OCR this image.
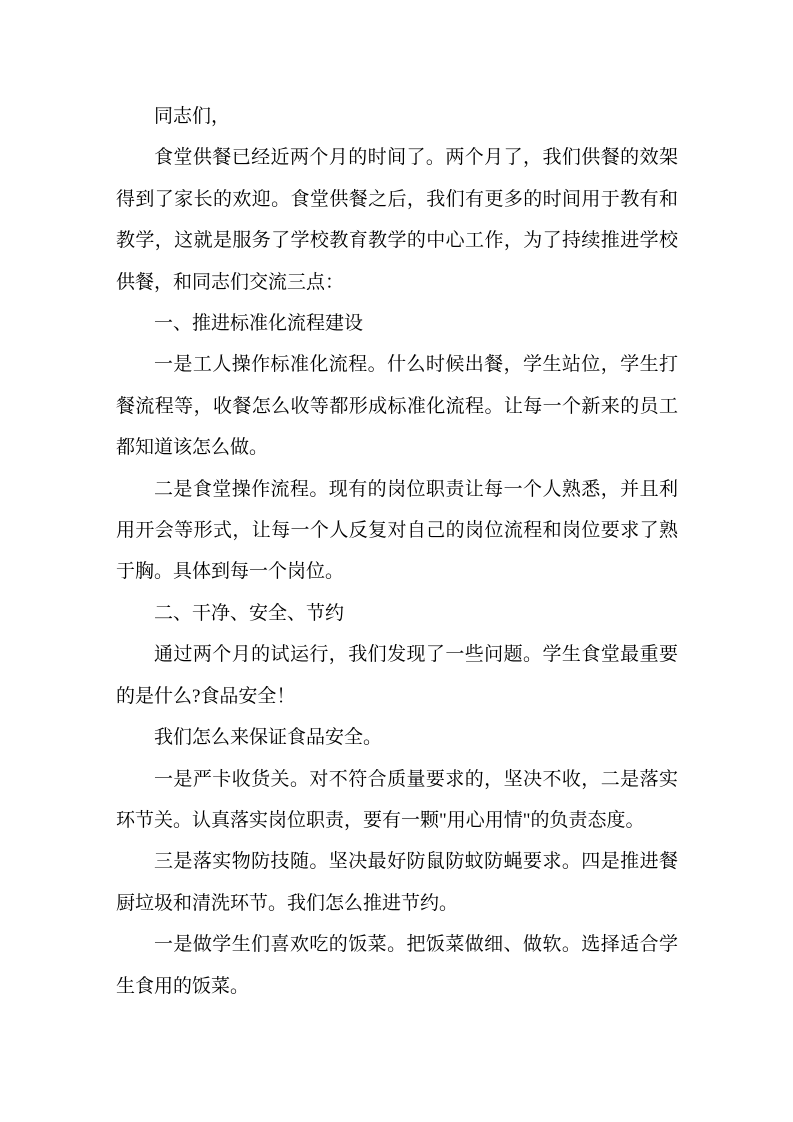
同志们，

食堂供餐已经近两个月的时间了。两个月了，我们供餐的效架得到了家长的欢迎。食堂供餐之后，我们有更多的时间用于教有和教学，这就是服务了学校教育教学的中心工作，为了持续推进学校供餐，和同志们交流三点：

一、推进标准化流程建设

一是工人操作标准化流程。什么时候出餐，学生站位，学生打餐流程等，收餐怎么收等都形成标准化流程。让每一个新来的员工都知道该怎么做。

二是食堂操作流程。现有的岗位职责让每一个人熟悉，并且利用开会等形式，让每一个人反复对自己的岗位流程和岗位要求了熟于胸。具体到每一个岗位。

二、干净、安全、节约

通过两个月的试运行，我们发现了一些问题。学生食堂最重要的是什么?食品安全！

我们怎么来保证食品安全。

一是严卡收货关。对不符合质量要求的，坚决不收，二是落实环节关。认真落实岗位职责，要有一颗"用心用情"的负责态度。

三是落实物防技随。坚决最好防鼠防蚊防蝇要求。四是推进餐厨垃圾和清洗环节。我们怎么推进节约。

一是做学生们喜欢吃的饭菜。把饭菜做细、做软。选择适合学生食用的饭菜。
